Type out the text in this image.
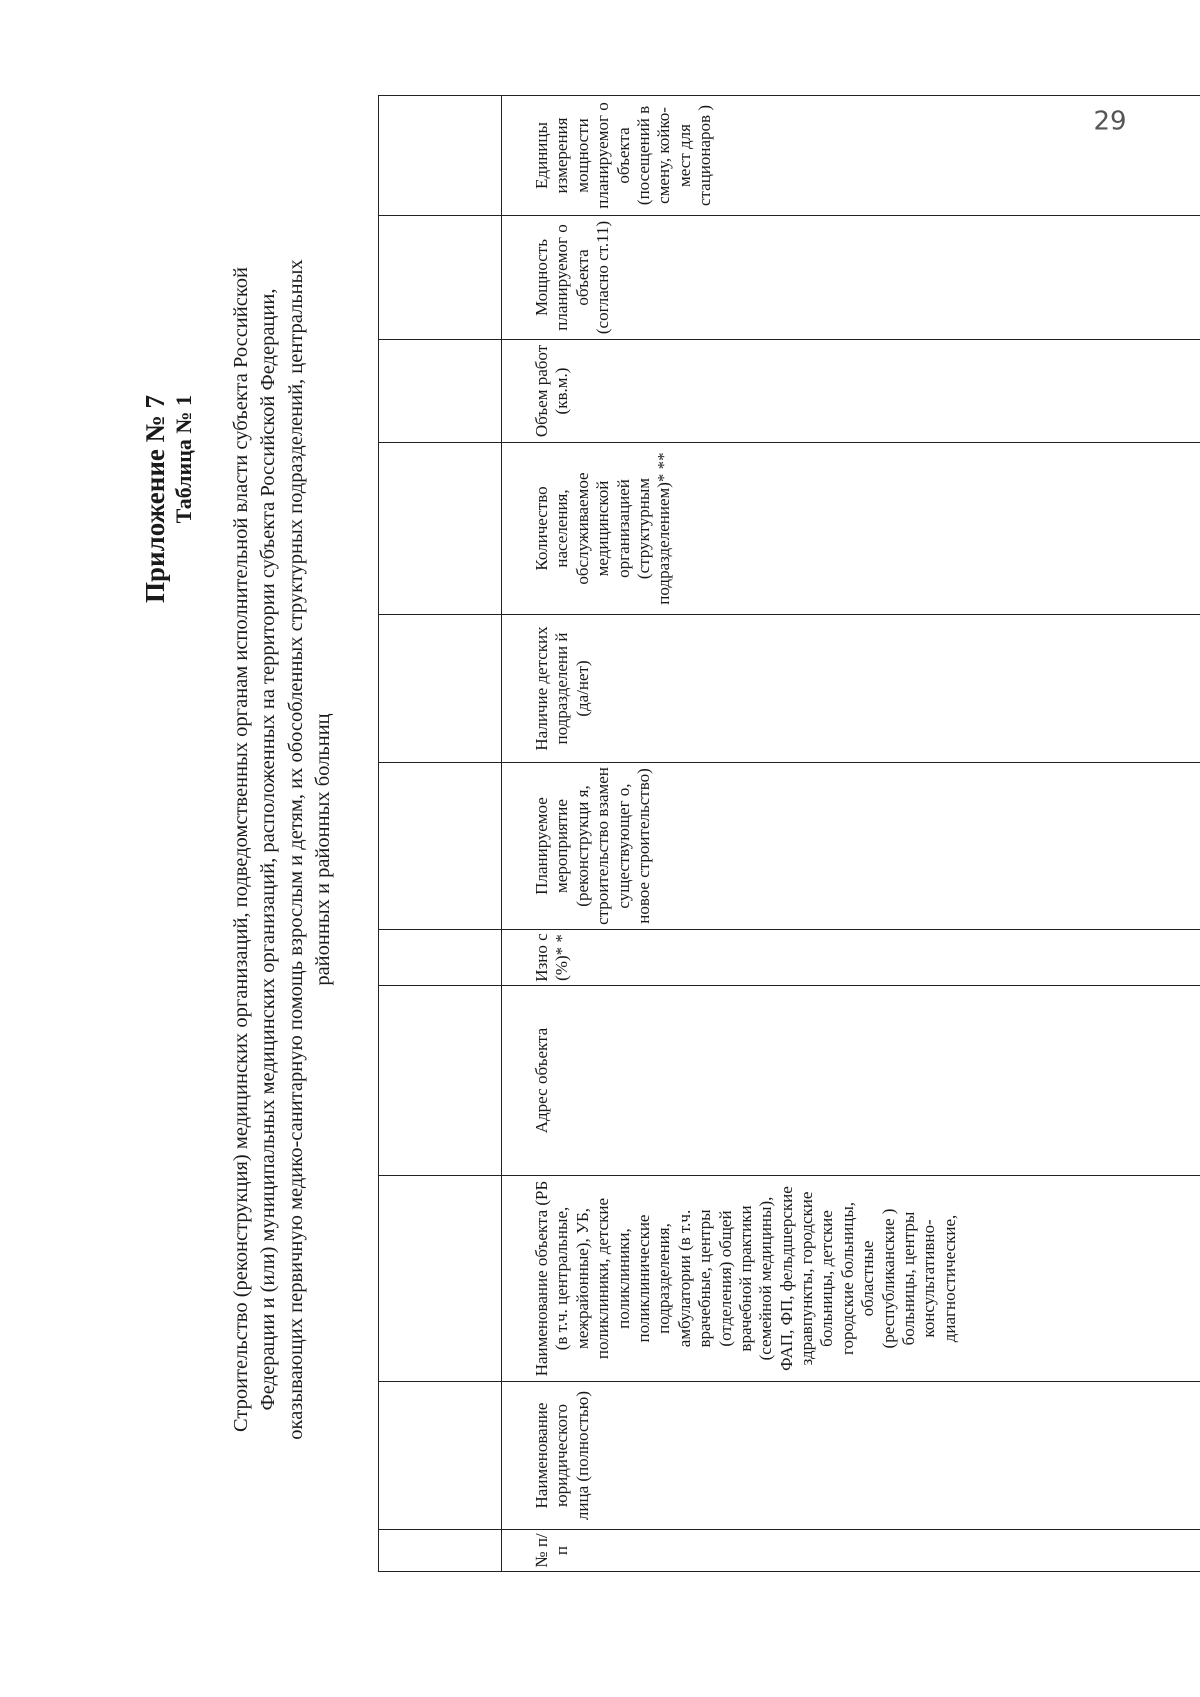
Приложение № 7 Таблица № 1 Строительство (реконструкция) медицинских организаций, подведомственных органам исполнительной власти субъекта Российской Федерации и (или) муниципальных медицинских организаций, расположенных на территории субъекта Российской Федерации, оказывающих первичную медико-санитарную помощь взрослым и детям, их обособленных структурных подразделений, центральных районных и районных больниц

№ п/ п	Наименование юридического лица (полностью)	Наименование объекта (РБ (в т.ч. центральные, межрайонные), УБ, поликлиники, детские поликлиники, поликлинические подразделения, амбулатории (в т.ч. врачебные, центры (отделения) общей врачебной практики (семейной медицины), ФАП, ФП, фельдшерские здравпункты, городские больницы, детские городские больницы, областные (республиканские ) больницы, центры консультативно- диагностические,	Адрес объекта	Изно с (%)* *	Планируемое мероприятие (реконструкци я, строительство взамен существующег о, новое строительство)	Наличие детских подразделени й (да/нет)	Количество населения, обслуживаемое медицинской организацией (структурным подразделением)* **	Объем работ (кв.м.)	Мощность планируемог о объекта (согласно ст.11)	Единицы измерения мощности планируемог о объекта (посещений в смену, койко-мест для стационаров )	29
